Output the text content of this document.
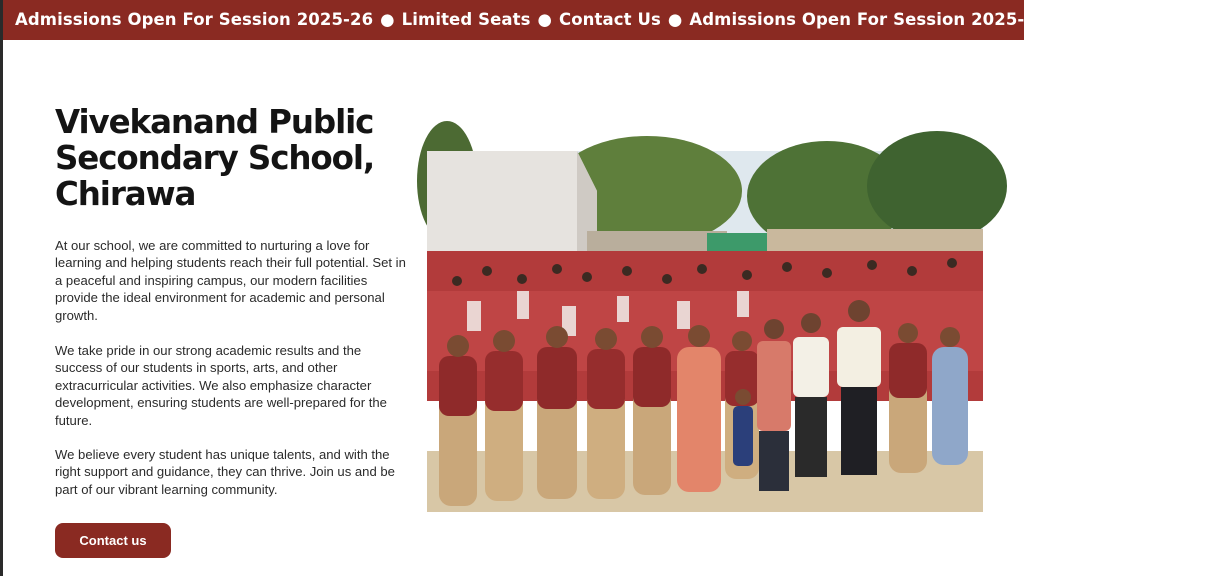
Admissions Open For Session 2025-26 ● Limited Seats ● Contact Us ● Admissions Open For Session 2025-26 ● Limited Seats
Vivekanand Public Secondary School, Chirawa

At our school, we are committed to nurturing a love for learning and helping students reach their full potential. Set in a peaceful and inspiring campus, our modern facilities provide the ideal environment for academic and personal growth.

We take pride in our strong academic results and the success of our students in sports, arts, and other extracurricular activities. We also emphasize character development, ensuring students are well-prepared for the future.

We believe every student has unique talents, and with the right support and guidance, they can thrive. Join us and be part of our vibrant learning community.

Contact us
